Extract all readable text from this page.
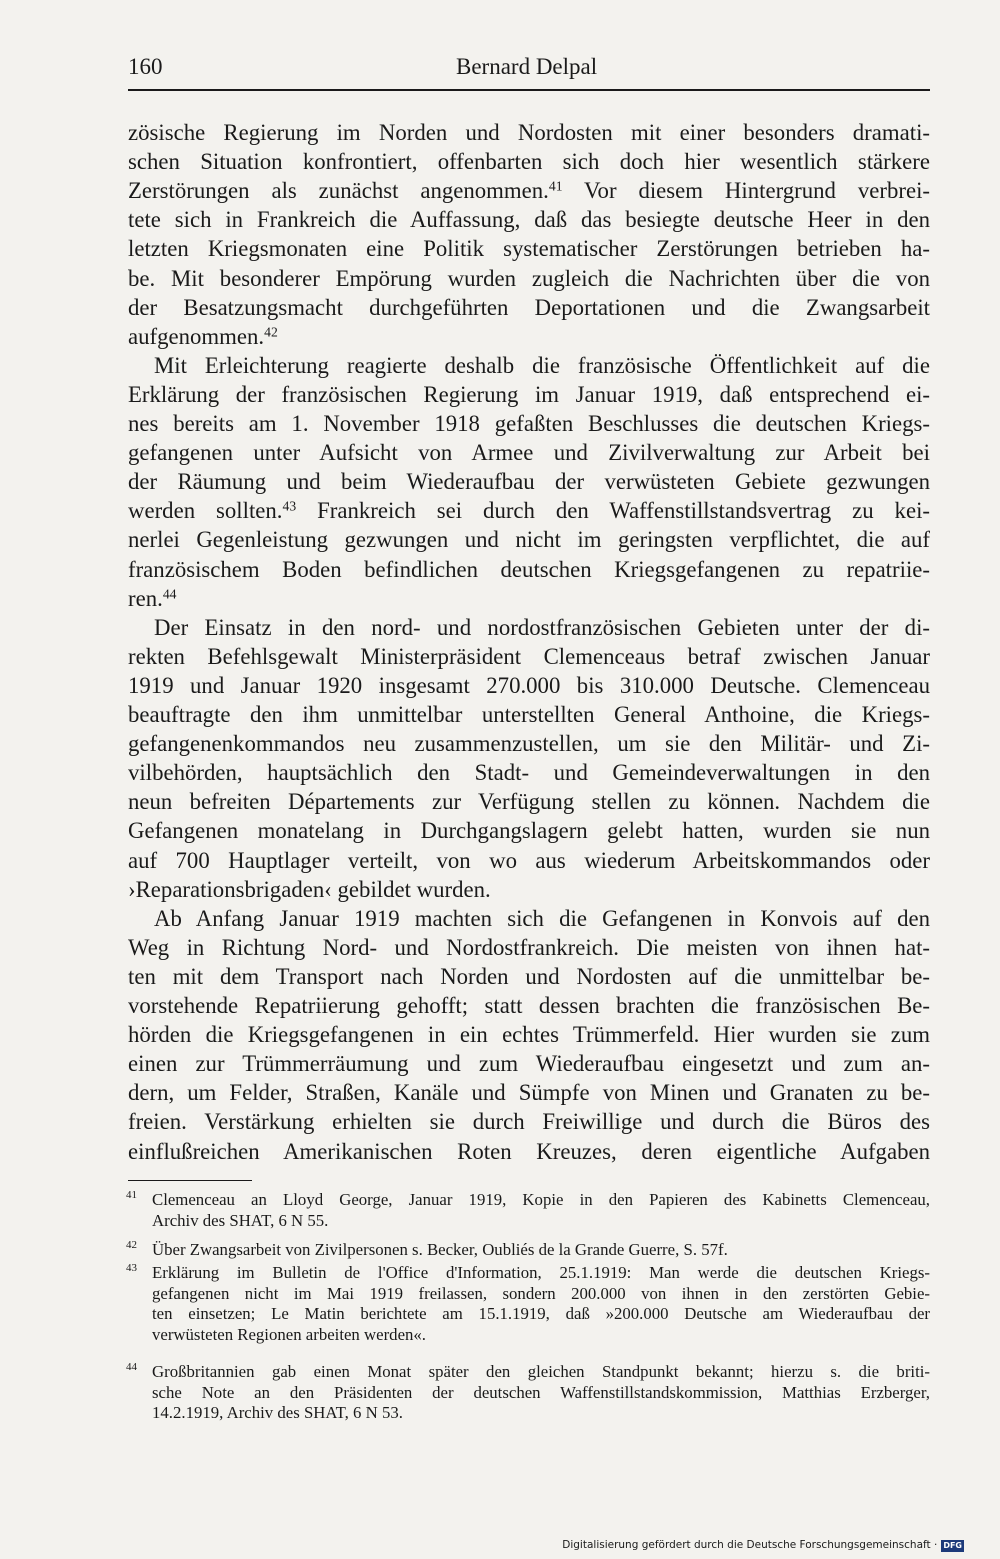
160	Bernard Delpal
zösische Regierung im Norden und Nordosten mit einer besonders dramati-
schen Situation konfrontiert, offenbarten sich doch hier wesentlich stärkere
Zerstörungen als zunächst angenommen.$^{41}$ Vor diesem Hintergrund verbrei-
tete sich in Frankreich die Auffassung, daß das besiegte deutsche Heer in den
letzten Kriegsmonaten eine Politik systematischer Zerstörungen betrieben ha-
be. Mit besonderer Empörung wurden zugleich die Nachrichten über die von
der Besatzungsmacht durchgeführten Deportationen und die Zwangsarbeit
aufgenommen.$^{42}$
Mit Erleichterung reagierte deshalb die französische Öffentlichkeit auf die
Erklärung der französischen Regierung im Januar 1919, daß entsprechend ei-
nes bereits am 1. November 1918 gefaßten Beschlusses die deutschen Kriegs-
gefangenen unter Aufsicht von Armee und Zivilverwaltung zur Arbeit bei
der Räumung und beim Wiederaufbau der verwüsteten Gebiete gezwungen
werden sollten.$^{43}$ Frankreich sei durch den Waffenstillstandsvertrag zu kei-
nerlei Gegenleistung gezwungen und nicht im geringsten verpflichtet, die auf
französischem Boden befindlichen deutschen Kriegsgefangenen zu repatriie-
ren.$^{44}$
Der Einsatz in den nord- und nordostfranzösischen Gebieten unter der di-
rekten Befehlsgewalt Ministerpräsident Clemenceaus betraf zwischen Januar
1919 und Januar 1920 insgesamt 270.000 bis 310.000 Deutsche. Clemenceau
beauftragte den ihm unmittelbar unterstellten General Anthoine, die Kriegs-
gefangenenkommandos neu zusammenzustellen, um sie den Militär- und Zi-
vilbehörden, hauptsächlich den Stadt- und Gemeindeverwaltungen in den
neun befreiten Départements zur Verfügung stellen zu können. Nachdem die
Gefangenen monatelang in Durchgangslagern gelebt hatten, wurden sie nun
auf 700 Hauptlager verteilt, von wo aus wiederum Arbeitskommandos oder
›Reparationsbrigaden‹ gebildet wurden.
Ab Anfang Januar 1919 machten sich die Gefangenen in Konvois auf den
Weg in Richtung Nord- und Nordostfrankreich. Die meisten von ihnen hat-
ten mit dem Transport nach Norden und Nordosten auf die unmittelbar be-
vorstehende Repatriierung gehofft; statt dessen brachten die französischen Be-
hörden die Kriegsgefangenen in ein echtes Trümmerfeld. Hier wurden sie zum
einen zur Trümmerräumung und zum Wiederaufbau eingesetzt und zum an-
dern, um Felder, Straßen, Kanäle und Sümpfe von Minen und Granaten zu be-
freien. Verstärkung erhielten sie durch Freiwillige und durch die Büros des
einflußreichen Amerikanischen Roten Kreuzes, deren eigentliche Aufgaben
41 Clemenceau an Lloyd George, Januar 1919, Kopie in den Papieren des Kabinetts Clemenceau,
Archiv des SHAT, 6 N 55.
42 Über Zwangsarbeit von Zivilpersonen s. Becker, Oubliés de la Grande Guerre, S. 57f.
43 Erklärung im Bulletin de l'Office d'Information, 25.1.1919: Man werde die deutschen Kriegs-
gefangenen nicht im Mai 1919 freilassen, sondern 200.000 von ihnen in den zerstörten Gebie-
ten einsetzen; Le Matin berichtete am 15.1.1919, daß »200.000 Deutsche am Wiederaufbau der
verwüsteten Regionen arbeiten werden«.
44 Großbritannien gab einen Monat später den gleichen Standpunkt bekannt; hierzu s. die briti-
sche Note an den Präsidenten der deutschen Waffenstillstandskommission, Matthias Erzberger,
14.2.1919, Archiv des SHAT, 6 N 53.
Digitalisierung gefördert durch die Deutsche Forschungsgemeinschaft · DFG
